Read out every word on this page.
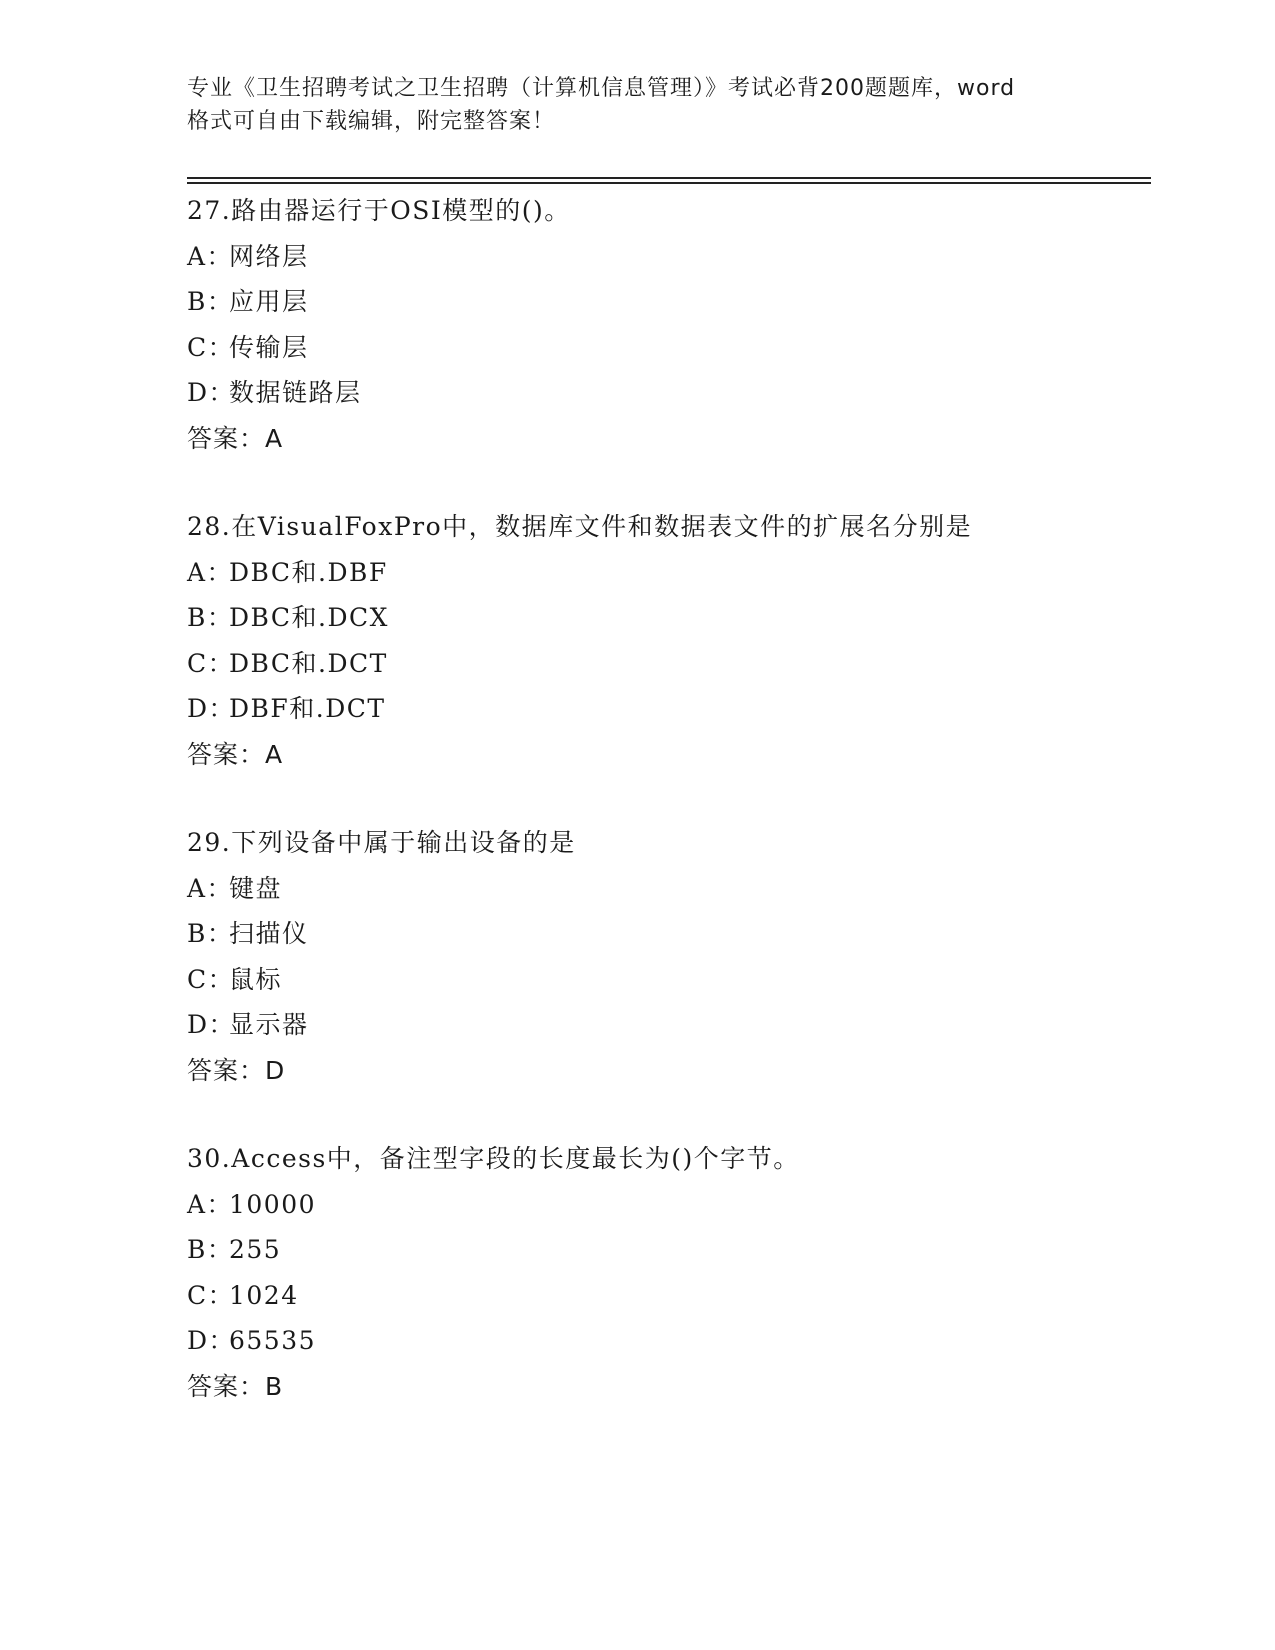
专业《卫生招聘考试之卫生招聘（计算机信息管理）》考试必背200题题库，word
格式可自由下载编辑，附完整答案！
27.路由器运行于OSI模型的()。
A：网络层
B：应用层
C：传输层
D：数据链路层
答案：A
28.在VisualFoxPro中，数据库文件和数据表文件的扩展名分别是
A：DBC和.DBF
B：DBC和.DCX
C：DBC和.DCT
D：DBF和.DCT
答案：A
29.下列设备中属于输出设备的是
A：键盘
B：扫描仪
C：鼠标
D：显示器
答案：D
30.Access中，备注型字段的长度最长为()个字节。
A：10000
B：255
C：1024
D：65535
答案：B
